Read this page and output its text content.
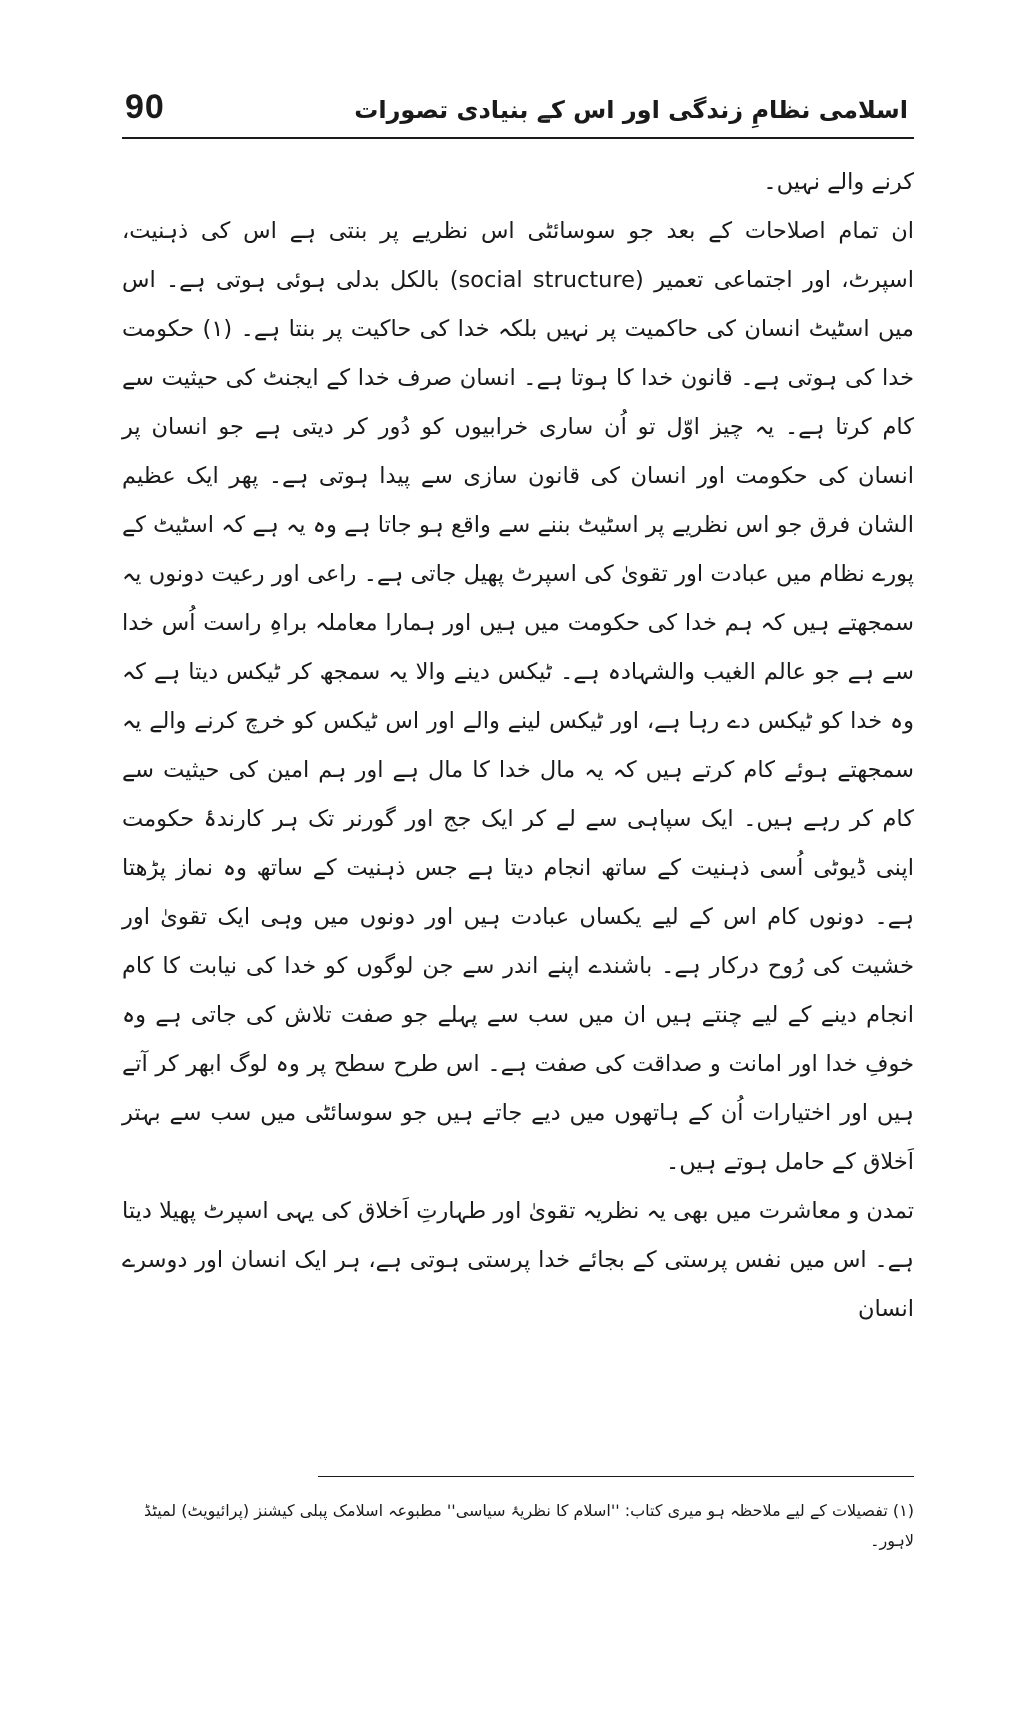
90	اسلامی نظامِ زندگی اور اس کے بنیادی تصورات

کرنے والے نہیں۔

ان تمام اصلاحات کے بعد جو سوسائٹی اس نظریے پر بنتی ہے اس کی ذہنیت، اسپرٹ، اور اجتماعی تعمیر (social structure) بالکل بدلی ہوئی ہوتی ہے۔ اس میں اسٹیٹ انسان کی حاکمیت پر نہیں بلکہ خدا کی حاکیت پر بنتا ہے۔ (۱) حکومت خدا کی ہوتی ہے۔ قانون خدا کا ہوتا ہے۔ انسان صرف خدا کے ایجنٹ کی حیثیت سے کام کرتا ہے۔ یہ چیز اوّل تو اُن ساری خرابیوں کو دُور کر دیتی ہے جو انسان پر انسان کی حکومت اور انسان کی قانون سازی سے پیدا ہوتی ہے۔ پھر ایک عظیم الشان فرق جو اس نظریے پر اسٹیٹ بننے سے واقع ہو جاتا ہے وہ یہ ہے کہ اسٹیٹ کے پورے نظام میں عبادت اور تقویٰ کی اسپرٹ پھیل جاتی ہے۔ راعی اور رعیت دونوں یہ سمجھتے ہیں کہ ہم خدا کی حکومت میں ہیں اور ہمارا معاملہ براہِ راست اُس خدا سے ہے جو عالم الغیب والشہادہ ہے۔ ٹیکس دینے والا یہ سمجھ کر ٹیکس دیتا ہے کہ وہ خدا کو ٹیکس دے رہا ہے، اور ٹیکس لینے والے اور اس ٹیکس کو خرچ کرنے والے یہ سمجھتے ہوئے کام کرتے ہیں کہ یہ مال خدا کا مال ہے اور ہم امین کی حیثیت سے کام کر رہے ہیں۔ ایک سپاہی سے لے کر ایک جج اور گورنر تک ہر کارندۂ حکومت اپنی ڈیوٹی اُسی ذہنیت کے ساتھ انجام دیتا ہے جس ذہنیت کے ساتھ وہ نماز پڑھتا ہے۔ دونوں کام اس کے لیے یکساں عبادت ہیں اور دونوں میں وہی ایک تقویٰ اور خشیت کی رُوح درکار ہے۔ باشندے اپنے اندر سے جن لوگوں کو خدا کی نیابت کا کام انجام دینے کے لیے چنتے ہیں ان میں سب سے پہلے جو صفت تلاش کی جاتی ہے وہ خوفِ خدا اور امانت و صداقت کی صفت ہے۔ اس طرح سطح پر وہ لوگ ابھر کر آتے ہیں اور اختیارات اُن کے ہاتھوں میں دیے جاتے ہیں جو سوسائٹی میں سب سے بہتر اَخلاق کے حامل ہوتے ہیں۔

تمدن و معاشرت میں بھی یہ نظریہ تقویٰ اور طہارتِ اَخلاق کی یہی اسپرٹ پھیلا دیتا ہے۔ اس میں نفس پرستی کے بجائے خدا پرستی ہوتی ہے، ہر ایک انسان اور دوسرے انسان

(۱) تفصیلات کے لیے ملاحظہ ہو میری کتاب: ''اسلام کا نظریۂ سیاسی'' مطبوعہ اسلامک پبلی کیشنز (پرائیویٹ) لمیٹڈ لاہور۔
